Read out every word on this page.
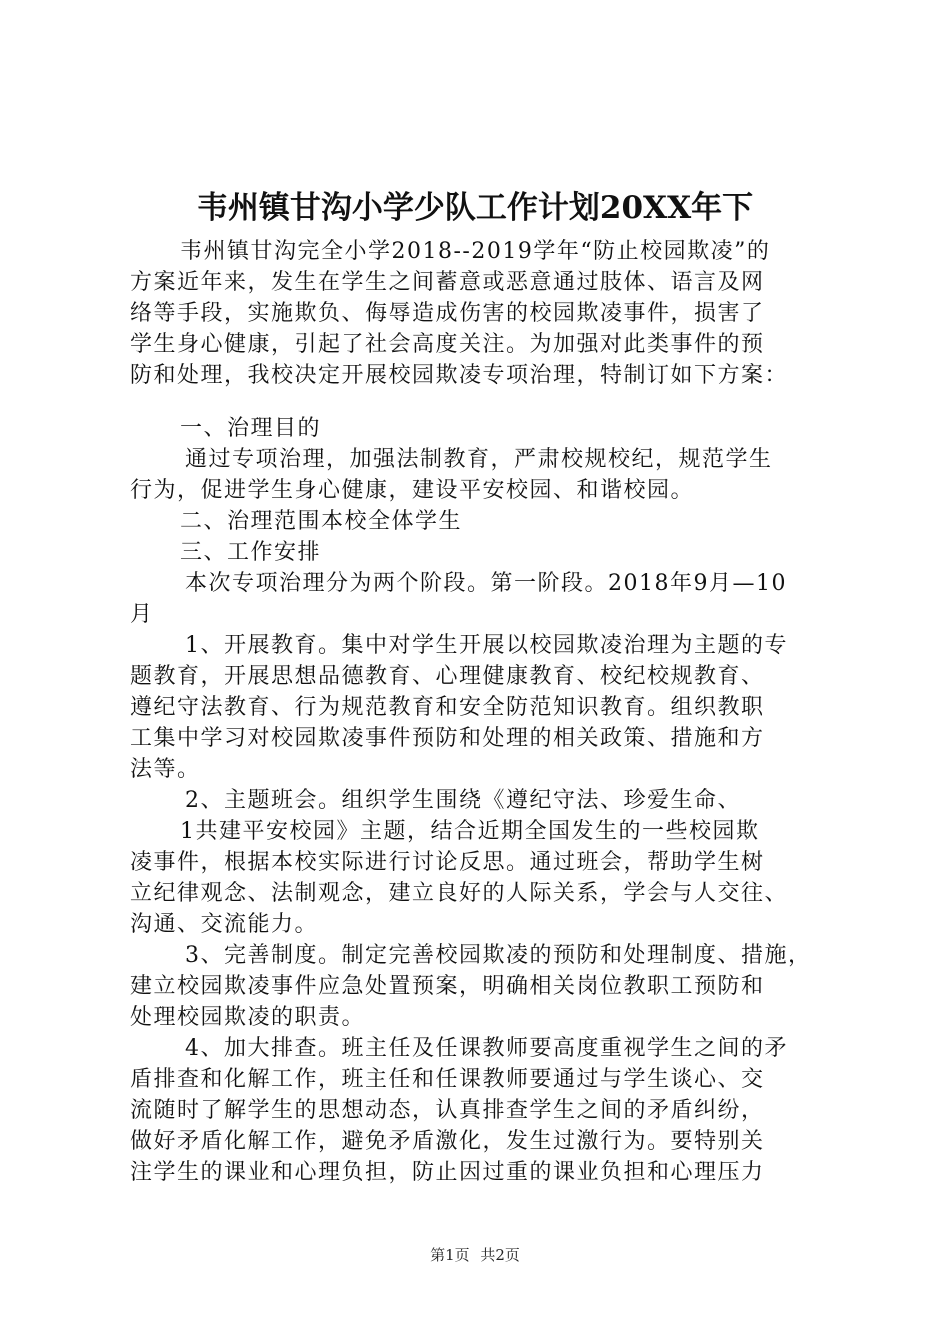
韦州镇甘沟小学少队工作计划20XX年下
韦州镇甘沟完全小学2018--2019学年“防止校园欺凌”的
方案近年来，发生在学生之间蓄意或恶意通过肢体、语言及网
络等手段，实施欺负、侮辱造成伤害的校园欺凌事件，损害了
学生身心健康，引起了社会高度关注。为加强对此类事件的预
防和处理，我校决定开展校园欺凌专项治理，特制订如下方案：
一、治理目的
通过专项治理，加强法制教育，严肃校规校纪，规范学生
行为，促进学生身心健康，建设平安校园、和谐校园。
二、治理范围本校全体学生
三、工作安排
本次专项治理分为两个阶段。第一阶段。2018年9月—10
月
1、开展教育。集中对学生开展以校园欺凌治理为主题的专
题教育，开展思想品德教育、心理健康教育、校纪校规教育、
遵纪守法教育、行为规范教育和安全防范知识教育。组织教职
工集中学习对校园欺凌事件预防和处理的相关政策、措施和方
法等。
2、主题班会。组织学生围绕《遵纪守法、珍爱生命、
1共建平安校园》主题，结合近期全国发生的一些校园欺
凌事件，根据本校实际进行讨论反思。通过班会，帮助学生树
立纪律观念、法制观念，建立良好的人际关系，学会与人交往、
沟通、交流能力。
3、完善制度。制定完善校园欺凌的预防和处理制度、措施，
建立校园欺凌事件应急处置预案，明确相关岗位教职工预防和
处理校园欺凌的职责。
4、加大排查。班主任及任课教师要高度重视学生之间的矛
盾排查和化解工作，班主任和任课教师要通过与学生谈心、交
流随时了解学生的思想动态，认真排查学生之间的矛盾纠纷，
做好矛盾化解工作，避免矛盾激化，发生过激行为。要特别关
注学生的课业和心理负担，防止因过重的课业负担和心理压力
第1页 共2页
